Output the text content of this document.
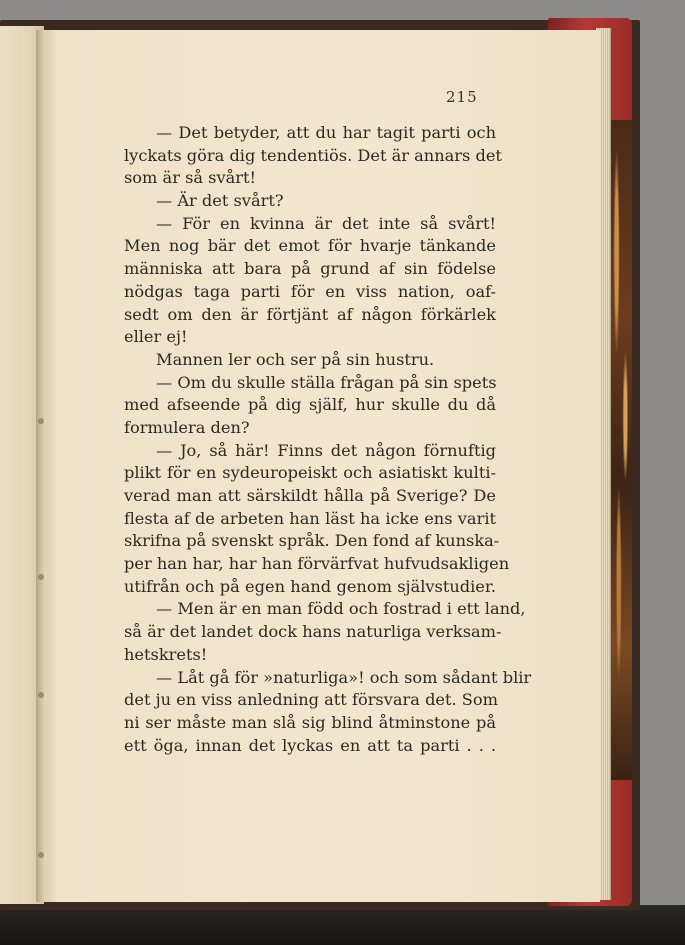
215
— Det betyder, att du har tagit parti och
lyckats göra dig tendentiös. Det är annars det
som är så svårt!
— Är det svårt?
— För en kvinna är det inte så svårt!
Men nog bär det emot för hvarje tänkande
människa att bara på grund af sin födelse
nödgas taga parti för en viss nation, oaf-
sedt om den är förtjänt af någon förkärlek
eller ej!
Mannen ler och ser på sin hustru.
— Om du skulle ställa frågan på sin spets
med afseende på dig själf, hur skulle du då
formulera den?
— Jo, så här! Finns det någon förnuftig
plikt för en sydeuropeiskt och asiatiskt kulti-
verad man att särskildt hålla på Sverige? De
flesta af de arbeten han läst ha icke ens varit
skrifna på svenskt språk. Den fond af kunska-
per han har, har han förvärfvat hufvudsakligen
utifrån och på egen hand genom självstudier.
— Men är en man född och fostrad i ett land,
så är det landet dock hans naturliga verksam-
hetskrets!
— Låt gå för »naturliga»! och som sådant blir
det ju en viss anledning att försvara det. Som
ni ser måste man slå sig blind åtminstone på
ett öga, innan det lyckas en att ta parti . . .
